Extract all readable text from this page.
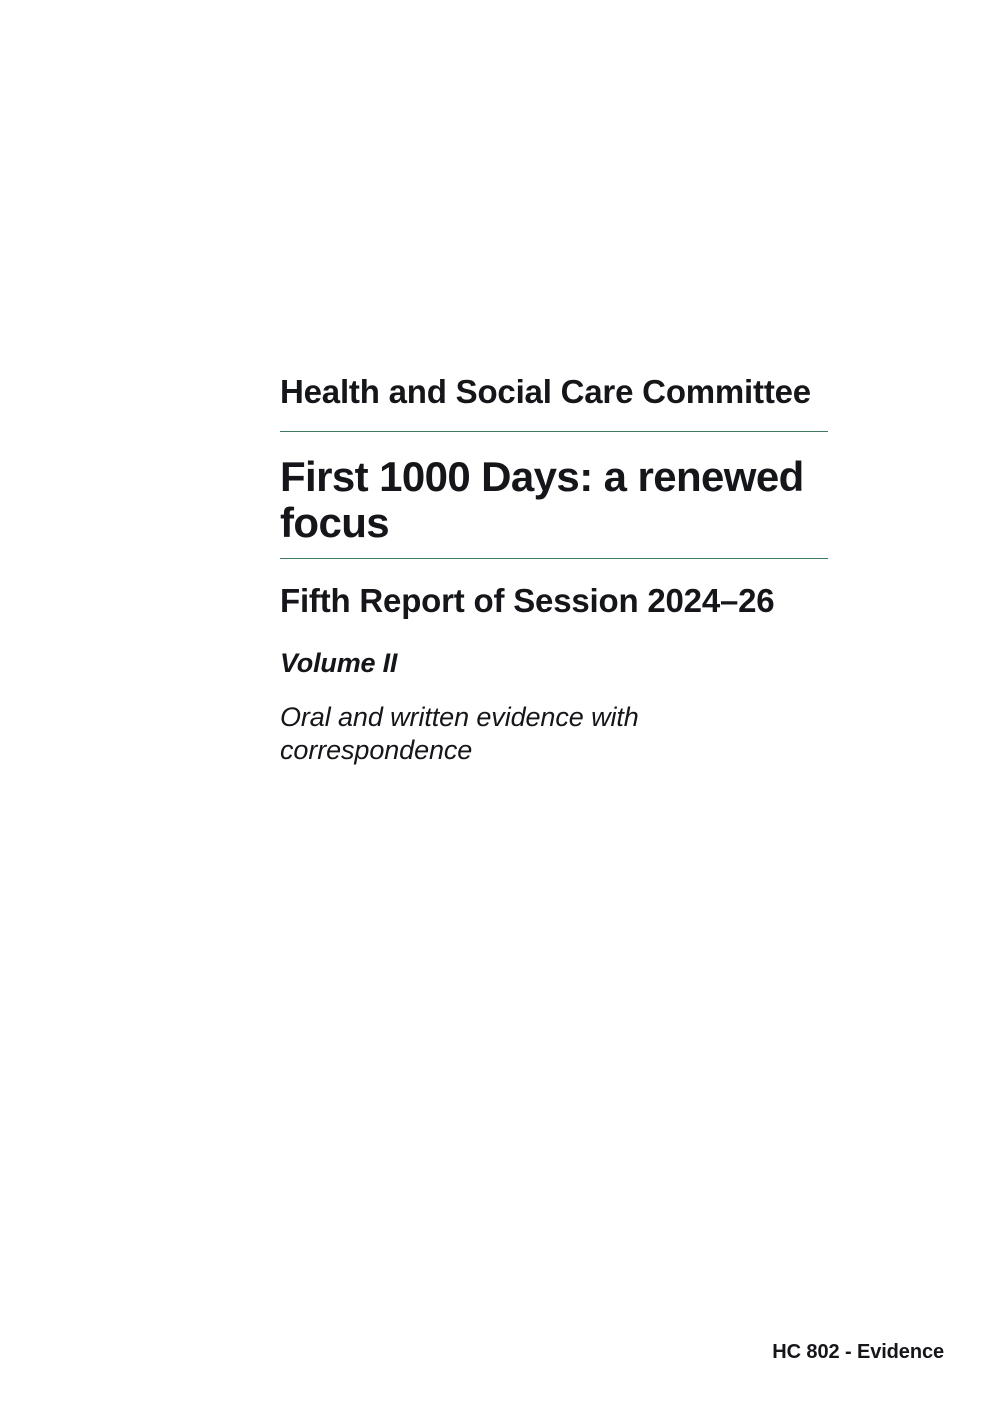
Health and Social Care Committee
First 1000 Days: a renewed focus
Fifth Report of Session 2024–26

Volume II

Oral and written evidence with correspondence

HC 802 - Evidence
